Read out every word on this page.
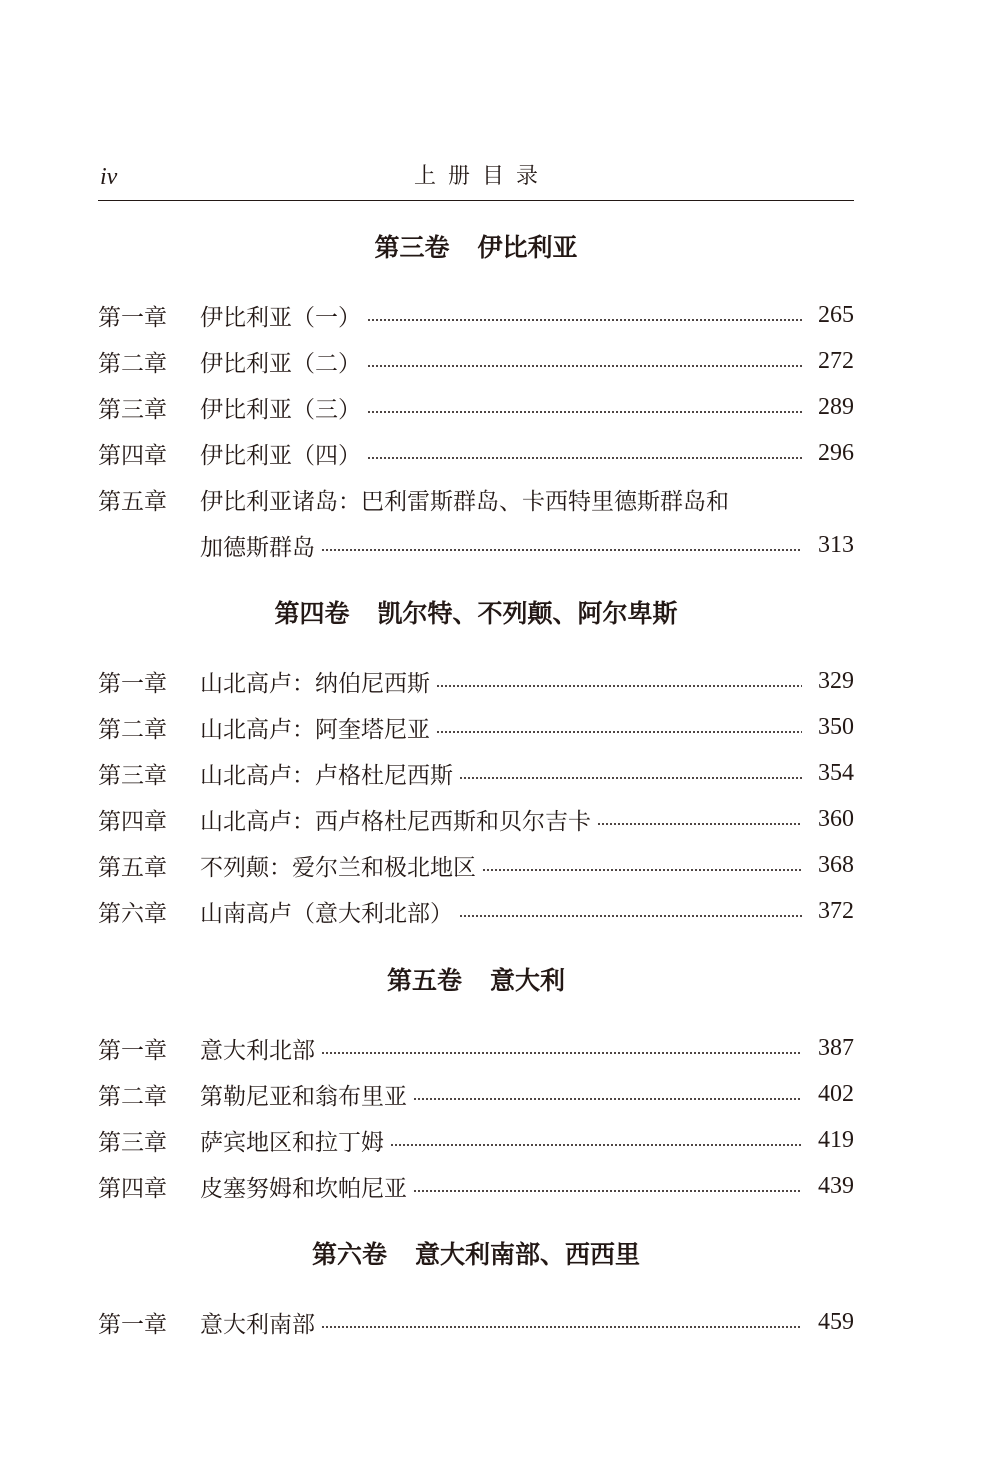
iv	上册目录
第三卷 伊比利亚
第一章	伊比利亚（一）	265
第二章	伊比利亚（二）	272
第三章	伊比利亚（三）	289
第四章	伊比利亚（四）	296
第五章	伊比利亚诸岛：巴利雷斯群岛、卡西特里德斯群岛和
加德斯群岛	313
第四卷 凯尔特、不列颠、阿尔卑斯
第一章	山北高卢：纳伯尼西斯	329
第二章	山北高卢：阿奎塔尼亚	350
第三章	山北高卢：卢格杜尼西斯	354
第四章	山北高卢：西卢格杜尼西斯和贝尔吉卡	360
第五章	不列颠：爱尔兰和极北地区	368
第六章	山南高卢（意大利北部）	372
第五卷 意大利
第一章	意大利北部	387
第二章	第勒尼亚和翁布里亚	402
第三章	萨宾地区和拉丁姆	419
第四章	皮塞努姆和坎帕尼亚	439
第六卷 意大利南部、西西里
第一章	意大利南部	459
